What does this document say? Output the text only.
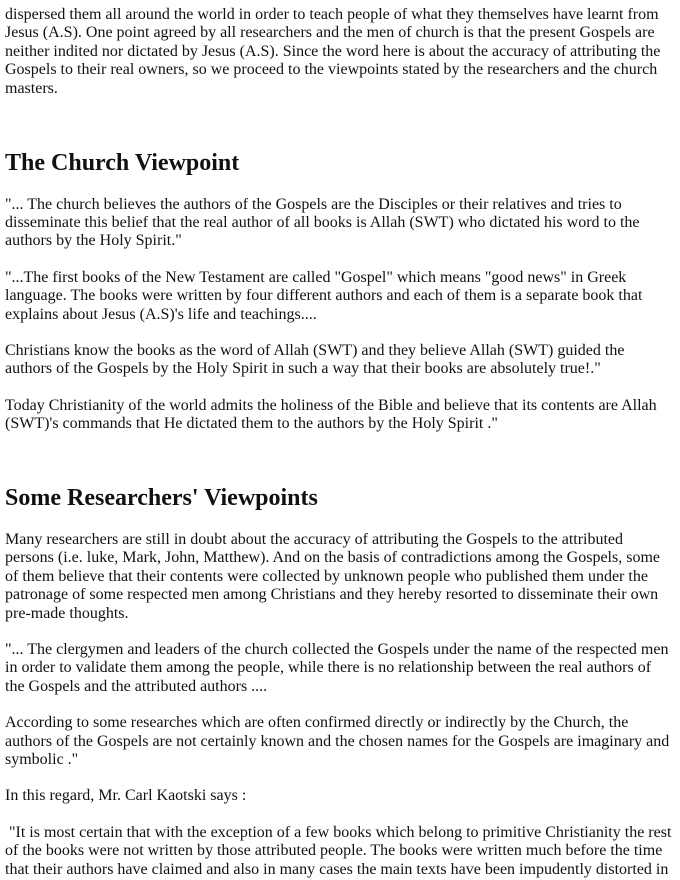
dispersed them all around the world in order to teach people of what they themselves have learnt from Jesus (A.S). One point agreed by all researchers and the men of church is that the present Gospels are neither indited nor dictated by Jesus (A.S). Since the word here is about the accuracy of attributing the Gospels to their real owners, so we proceed to the viewpoints stated by the researchers and the church masters.

The Church Viewpoint

"... The church believes the authors of the Gospels are the Disciples or their relatives and tries to disseminate this belief that the real author of all books is Allah (SWT) who dictated his word to the authors by the Holy Spirit."

"...The first books of the New Testament are called "Gospel" which means "good news" in Greek language. The books were written by four different authors and each of them is a separate book that explains about Jesus (A.S)'s life and teachings....

Christians know the books as the word of Allah (SWT) and they believe Allah (SWT) guided the authors of the Gospels by the Holy Spirit in such a way that their books are absolutely true!."

Today Christianity of the world admits the holiness of the Bible and believe that its contents are Allah (SWT)'s commands that He dictated them to the authors by the Holy Spirit ."

Some Researchers' Viewpoints

Many researchers are still in doubt about the accuracy of attributing the Gospels to the attributed persons (i.e. luke, Mark, John, Matthew). And on the basis of contradictions among the Gospels, some of them believe that their contents were collected by unknown people who published them under the patronage of some respected men among Christians and they hereby resorted to disseminate their own pre-made thoughts.

"... The clergymen and leaders of the church collected the Gospels under the name of the respected men in order to validate them among the people, while there is no relationship between the real authors of the Gospels and the attributed authors ....

According to some researches which are often confirmed directly or indirectly by the Church, the authors of the Gospels are not certainly known and the chosen names for the Gospels are imaginary and symbolic ."

In this regard, Mr. Carl Kaotski says :

"It is most certain that with the exception of a few books which belong to primitive Christianity the rest of the books were not written by those attributed people. The books were written much before the time that their authors have claimed and also in many cases the main texts have been impudently distorted in
